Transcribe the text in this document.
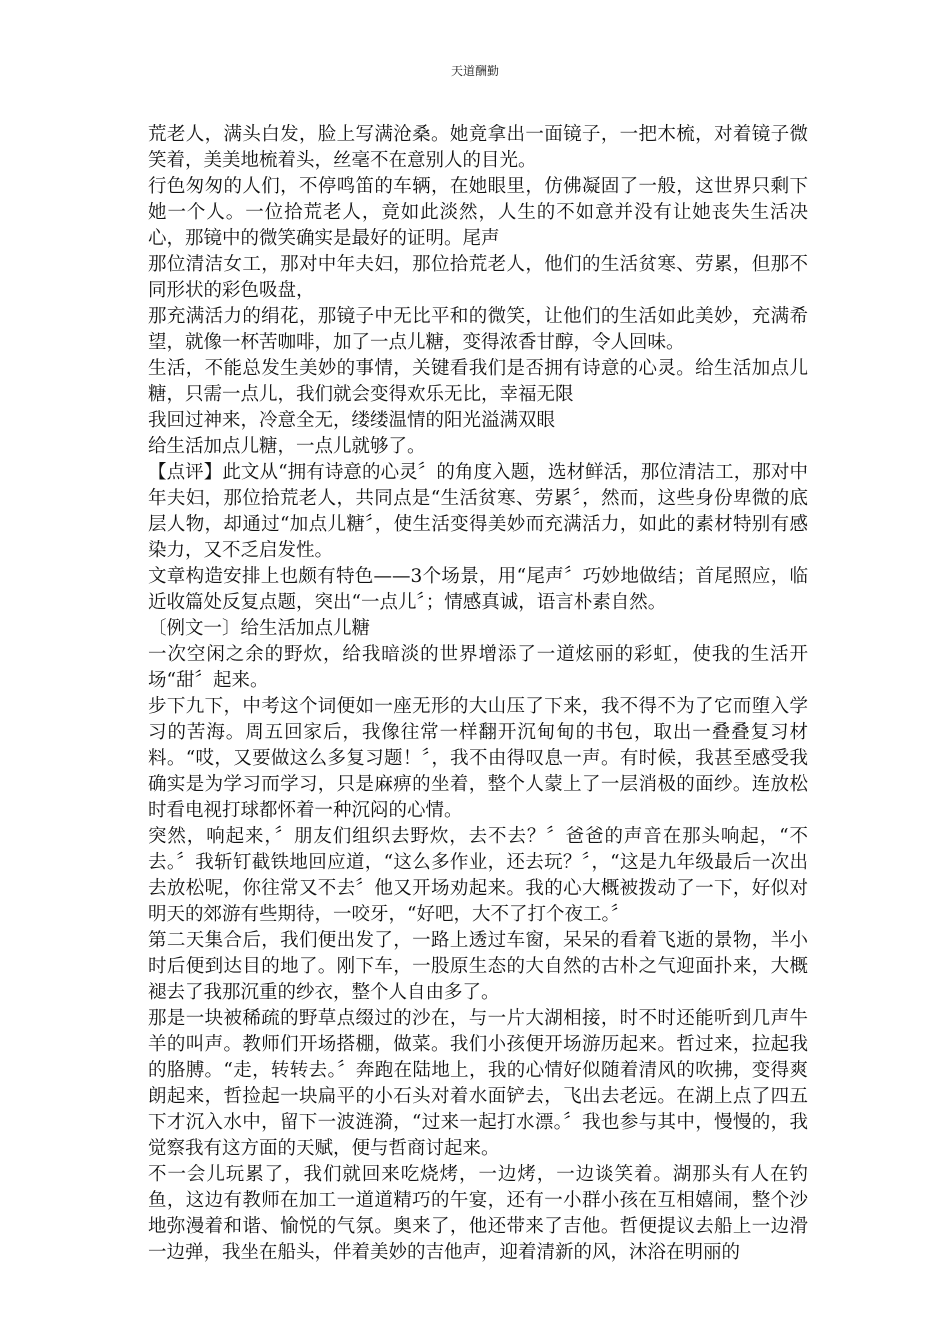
天道酬勤

荒老人，满头白发，脸上写满沧桑。她竟拿出一面镜子，一把木梳，对着镜子微笑着，美美地梳着头，丝毫不在意别人的目光。

行色匆匆的人们，不停鸣笛的车辆，在她眼里，仿佛凝固了一般，这世界只剩下她一个人。一位拾荒老人，竟如此淡然，人生的不如意并没有让她丧失生活决心，那镜中的微笑确实是最好的证明。尾声

那位清洁女工，那对中年夫妇，那位拾荒老人，他们的生活贫寒、劳累，但那不同形状的彩色吸盘，

那充满活力的绢花，那镜子中无比平和的微笑，让他们的生活如此美妙，充满希望，就像一杯苦咖啡，加了一点儿糖，变得浓香甘醇，令人回味。

生活，不能总发生美妙的事情，关键看我们是否拥有诗意的心灵。给生活加点儿糖，只需一点儿，我们就会变得欢乐无比，幸福无限

我回过神来，冷意全无，缕缕温情的阳光溢满双眼

给生活加点儿糖，一点儿就够了。

【点评】此文从“拥有诗意的心灵〞的角度入题，选材鲜活，那位清洁工，那对中年夫妇，那位拾荒老人，共同点是“生活贫寒、劳累〞，然而，这些身份卑微的底层人物，却通过“加点儿糖〞，使生活变得美妙而充满活力，如此的素材特别有感染力，又不乏启发性。

文章构造安排上也颇有特色——3个场景，用“尾声〞巧妙地做结；首尾照应，临近收篇处反复点题，突出“一点儿〞；情感真诚，语言朴素自然。

〔例文一〕给生活加点儿糖

一次空闲之余的野炊，给我暗淡的世界增添了一道炫丽的彩虹，使我的生活开场“甜〞起来。

步下九下，中考这个词便如一座无形的大山压了下来，我不得不为了它而堕入学习的苦海。周五回家后，我像往常一样翻开沉甸甸的书包，取出一叠叠复习材料。“哎，又要做这么多复习题！〞，我不由得叹息一声。有时候，我甚至感受我确实是为学习而学习，只是麻痹的坐着，整个人蒙上了一层消极的面纱。连放松时看电视打球都怀着一种沉闷的心情。

突然，响起来，〞朋友们组织去野炊，去不去？〞爸爸的声音在那头响起，“不去。〞我斩钉截铁地回应道，“这么多作业，还去玩？〞，“这是九年级最后一次出去放松呢，你往常又不去〞他又开场劝起来。我的心大概被拨动了一下，好似对明天的郊游有些期待，一咬牙，“好吧，大不了打个夜工。〞

第二天集合后，我们便出发了，一路上透过车窗，呆呆的看着飞逝的景物，半小时后便到达目的地了。刚下车，一股原生态的大自然的古朴之气迎面扑来，大概褪去了我那沉重的纱衣，整个人自由多了。

那是一块被稀疏的野草点缀过的沙在，与一片大湖相接，时不时还能听到几声牛羊的叫声。教师们开场搭棚，做菜。我们小孩便开场游历起来。哲过来，拉起我的胳膊。“走，转转去。〞奔跑在陆地上，我的心情好似随着清风的吹拂，变得爽朗起来，哲捡起一块扁平的小石头对着水面铲去，飞出去老远。在湖上点了四五下才沉入水中，留下一波涟漪，“过来一起打水漂。〞我也参与其中，慢慢的，我觉察我有这方面的天赋，便与哲商讨起来。

不一会儿玩累了，我们就回来吃烧烤，一边烤，一边谈笑着。湖那头有人在钓鱼，这边有教师在加工一道道精巧的午宴，还有一小群小孩在互相嬉闹，整个沙地弥漫着和谐、愉悦的气氛。奥来了，他还带来了吉他。哲便提议去船上一边滑一边弹，我坐在船头，伴着美妙的吉他声，迎着清新的风，沐浴在明丽的
